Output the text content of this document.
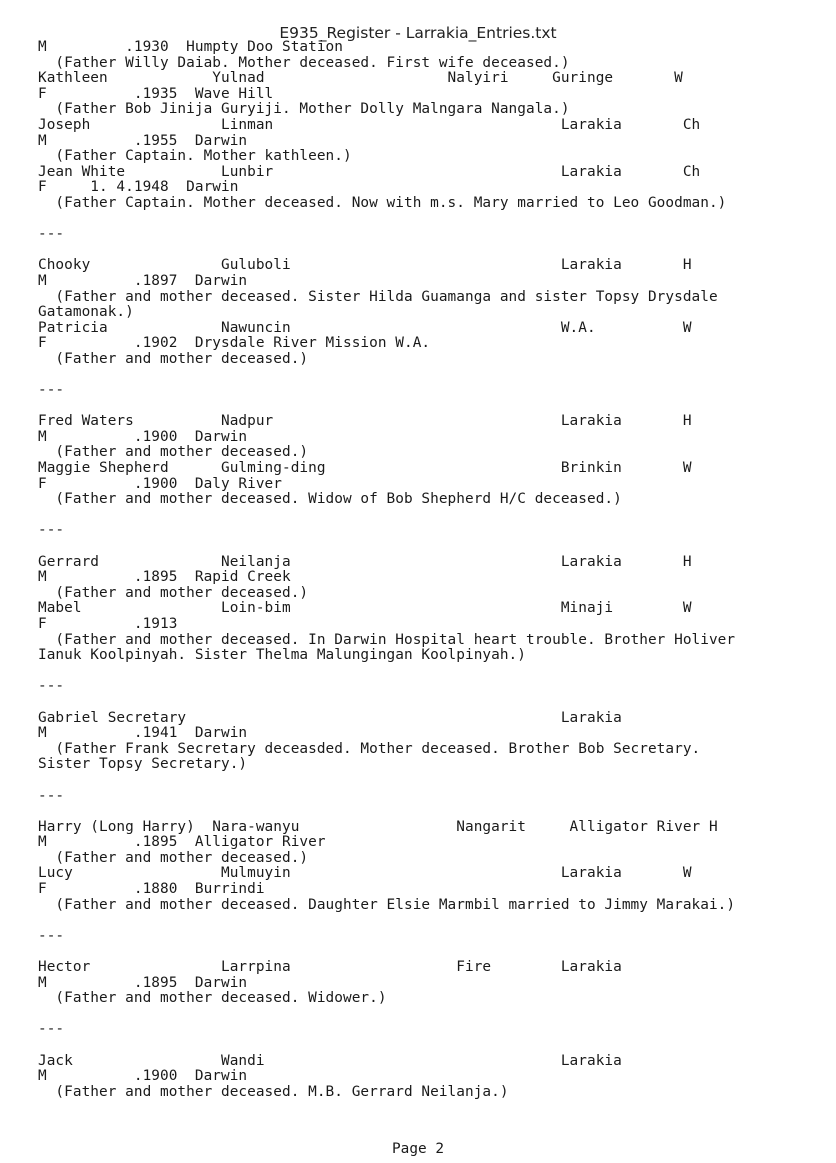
E935_Register - Larrakia_Entries.txt
M         .1930  Humpty Doo Station
(Father Willy Daiab. Mother deceased. First wife deceased.)
Kathleen            Yulnad                     Nalyiri     Guringe       W
F          .1935  Wave Hill
(Father Bob Jinija Guryiji. Mother Dolly Malngara Nangala.)
Joseph               Linman                                 Larakia       Ch
M          .1955  Darwin
(Father Captain. Mother kathleen.)
Jean White           Lunbir                                 Larakia       Ch
F     1. 4.1948  Darwin
(Father Captain. Mother deceased. Now with m.s. Mary married to Leo Goodman.)
---
Chooky               Guluboli                               Larakia       H
M          .1897  Darwin
(Father and mother deceased. Sister Hilda Guamanga and sister Topsy Drysdale
Gatamonak.)
Patricia             Nawuncin                               W.A.          W
F          .1902  Drysdale River Mission W.A.
(Father and mother deceased.)
---
Fred Waters          Nadpur                                 Larakia       H
M          .1900  Darwin
(Father and mother deceased.)
Maggie Shepherd      Gulming-ding                           Brinkin       W
F          .1900  Daly River
(Father and mother deceased. Widow of Bob Shepherd H/C deceased.)
---
Gerrard              Neilanja                               Larakia       H
M          .1895  Rapid Creek
(Father and mother deceased.)
Mabel                Loin-bim                               Minaji        W
F          .1913
(Father and mother deceased. In Darwin Hospital heart trouble. Brother Holiver
Ianuk Koolpinyah. Sister Thelma Malungingan Koolpinyah.)
---
Gabriel Secretary                                           Larakia
M          .1941  Darwin
(Father Frank Secretary deceasded. Mother deceased. Brother Bob Secretary.
Sister Topsy Secretary.)
---
Harry (Long Harry)  Nara-wanyu                  Nangarit     Alligator River H
M          .1895  Alligator River
(Father and mother deceased.)
Lucy                 Mulmuyin                               Larakia       W
F          .1880  Burrindi
(Father and mother deceased. Daughter Elsie Marmbil married to Jimmy Marakai.)
---
Hector               Larrpina                   Fire        Larakia
M          .1895  Darwin
(Father and mother deceased. Widower.)
---
Jack                 Wandi                                  Larakia
M          .1900  Darwin
(Father and mother deceased. M.B. Gerrard Neilanja.)
Page 2
